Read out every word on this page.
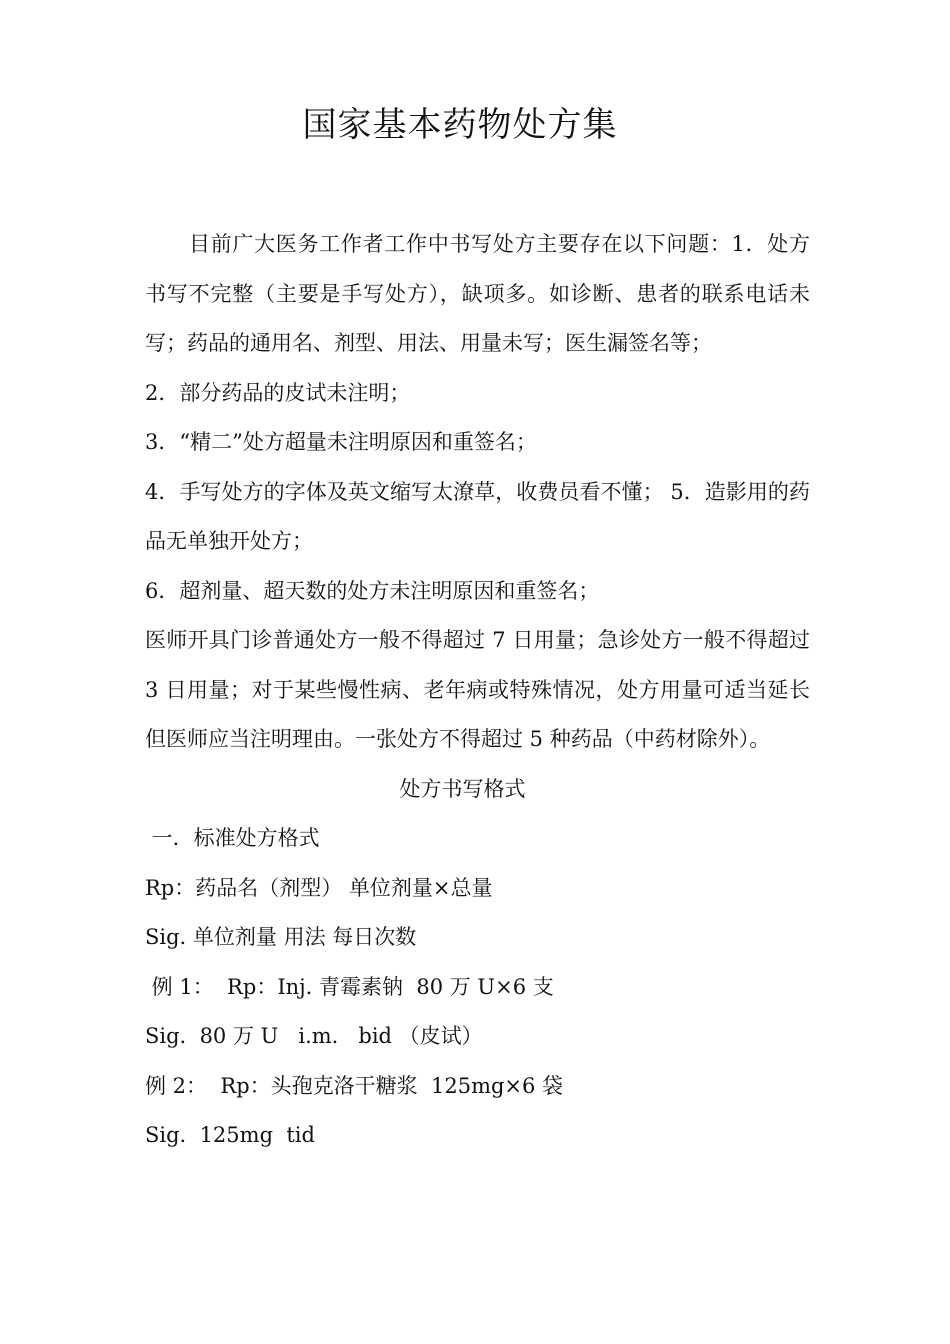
国家基本药物处方集

目前广大医务工作者工作中书写处方主要存在以下问题：1．处方书写不完整（主要是手写处方），缺项多。如诊断、患者的联系电话未写；药品的通用名、剂型、用法、用量未写；医生漏签名等；

2．部分药品的皮试未注明；

3．“精二”处方超量未注明原因和重签名；

4．手写处方的字体及英文缩写太潦草，收费员看不懂； 5．造影用的药品无单独开处方；

6．超剂量、超天数的处方未注明原因和重签名；

医师开具门诊普通处方一般不得超过 7 日用量；急诊处方一般不得超过 3 日用量；对于某些慢性病、老年病或特殊情况，处方用量可适当延长但医师应当注明理由。一张处方不得超过 5 种药品（中药材除外）。

处方书写格式

一．标准处方格式

Rp：药品名（剂型） 单位剂量×总量

Sig. 单位剂量 用法 每日次数

例 1：  Rp：Inj. 青霉素钠  80 万 U×6 支

Sig.  80 万 U   i.m.   bid （皮试）

例 2：  Rp：头孢克洛干糖浆  125mg×6 袋

Sig.  125mg  tid
